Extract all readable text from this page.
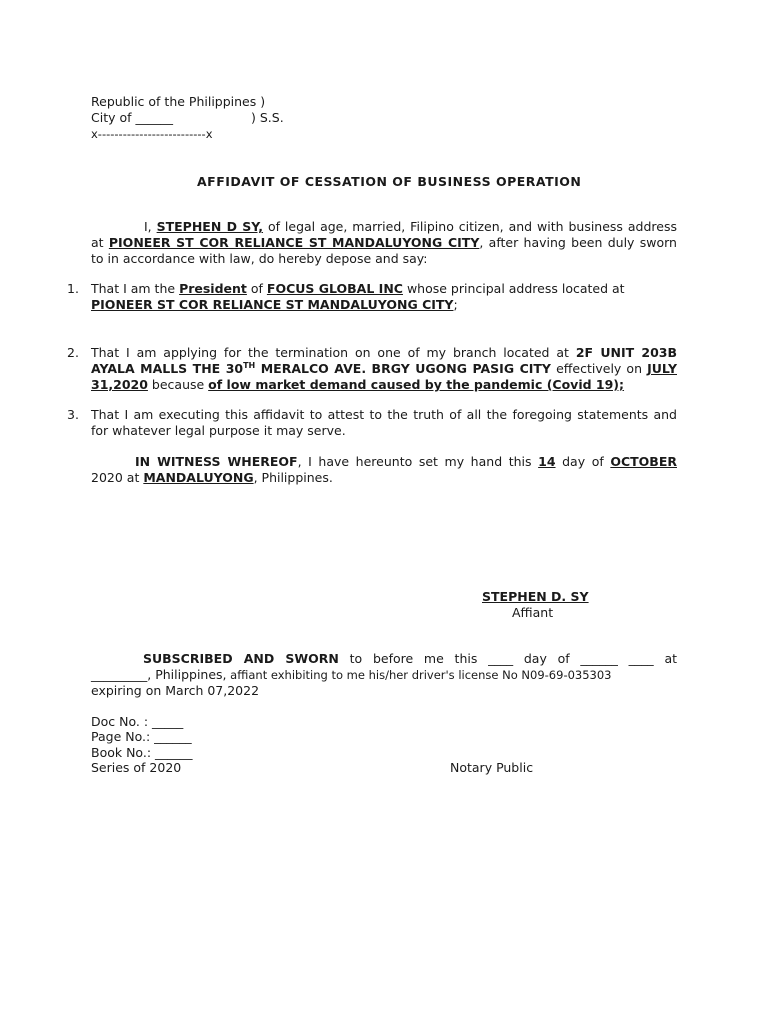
Republic of the Philippines )
City of ______	) S.S.
x--------------------------x
AFFIDAVIT OF CESSATION OF BUSINESS OPERATION
I, STEPHEN D SY, of legal age, married, Filipino citizen, and with business address
at PIONEER ST COR RELIANCE ST MANDALUYONG CITY, after having been duly sworn
to in accordance with law, do hereby depose and say:
1. That I am the President of FOCUS GLOBAL INC whose principal address located at
PIONEER ST COR RELIANCE ST MANDALUYONG CITY;
2. That I am applying for the termination on one of my branch located at 2F UNIT 203B
AYALA MALLS THE 30TH MERALCO AVE. BRGY UGONG PASIG CITY effectively on JULY
31,2020 because of low market demand caused by the pandemic (Covid 19);
3. That I am executing this affidavit to attest to the truth of all the foregoing statements and
for whatever legal purpose it may serve.
IN WITNESS WHEREOF, I have hereunto set my hand this 14 day of OCTOBER
2020 at MANDALUYONG, Philippines.
STEPHEN D. SY
Affiant
SUBSCRIBED AND SWORN to before me this ____ day of ______ ____ at
_________, Philippines, affiant exhibiting to me his/her driver's license No N09-69-035303
expiring on March 07,2022
Doc No. : _____
Page No.: ______
Book No.: ______
Series of 2020	Notary Public
